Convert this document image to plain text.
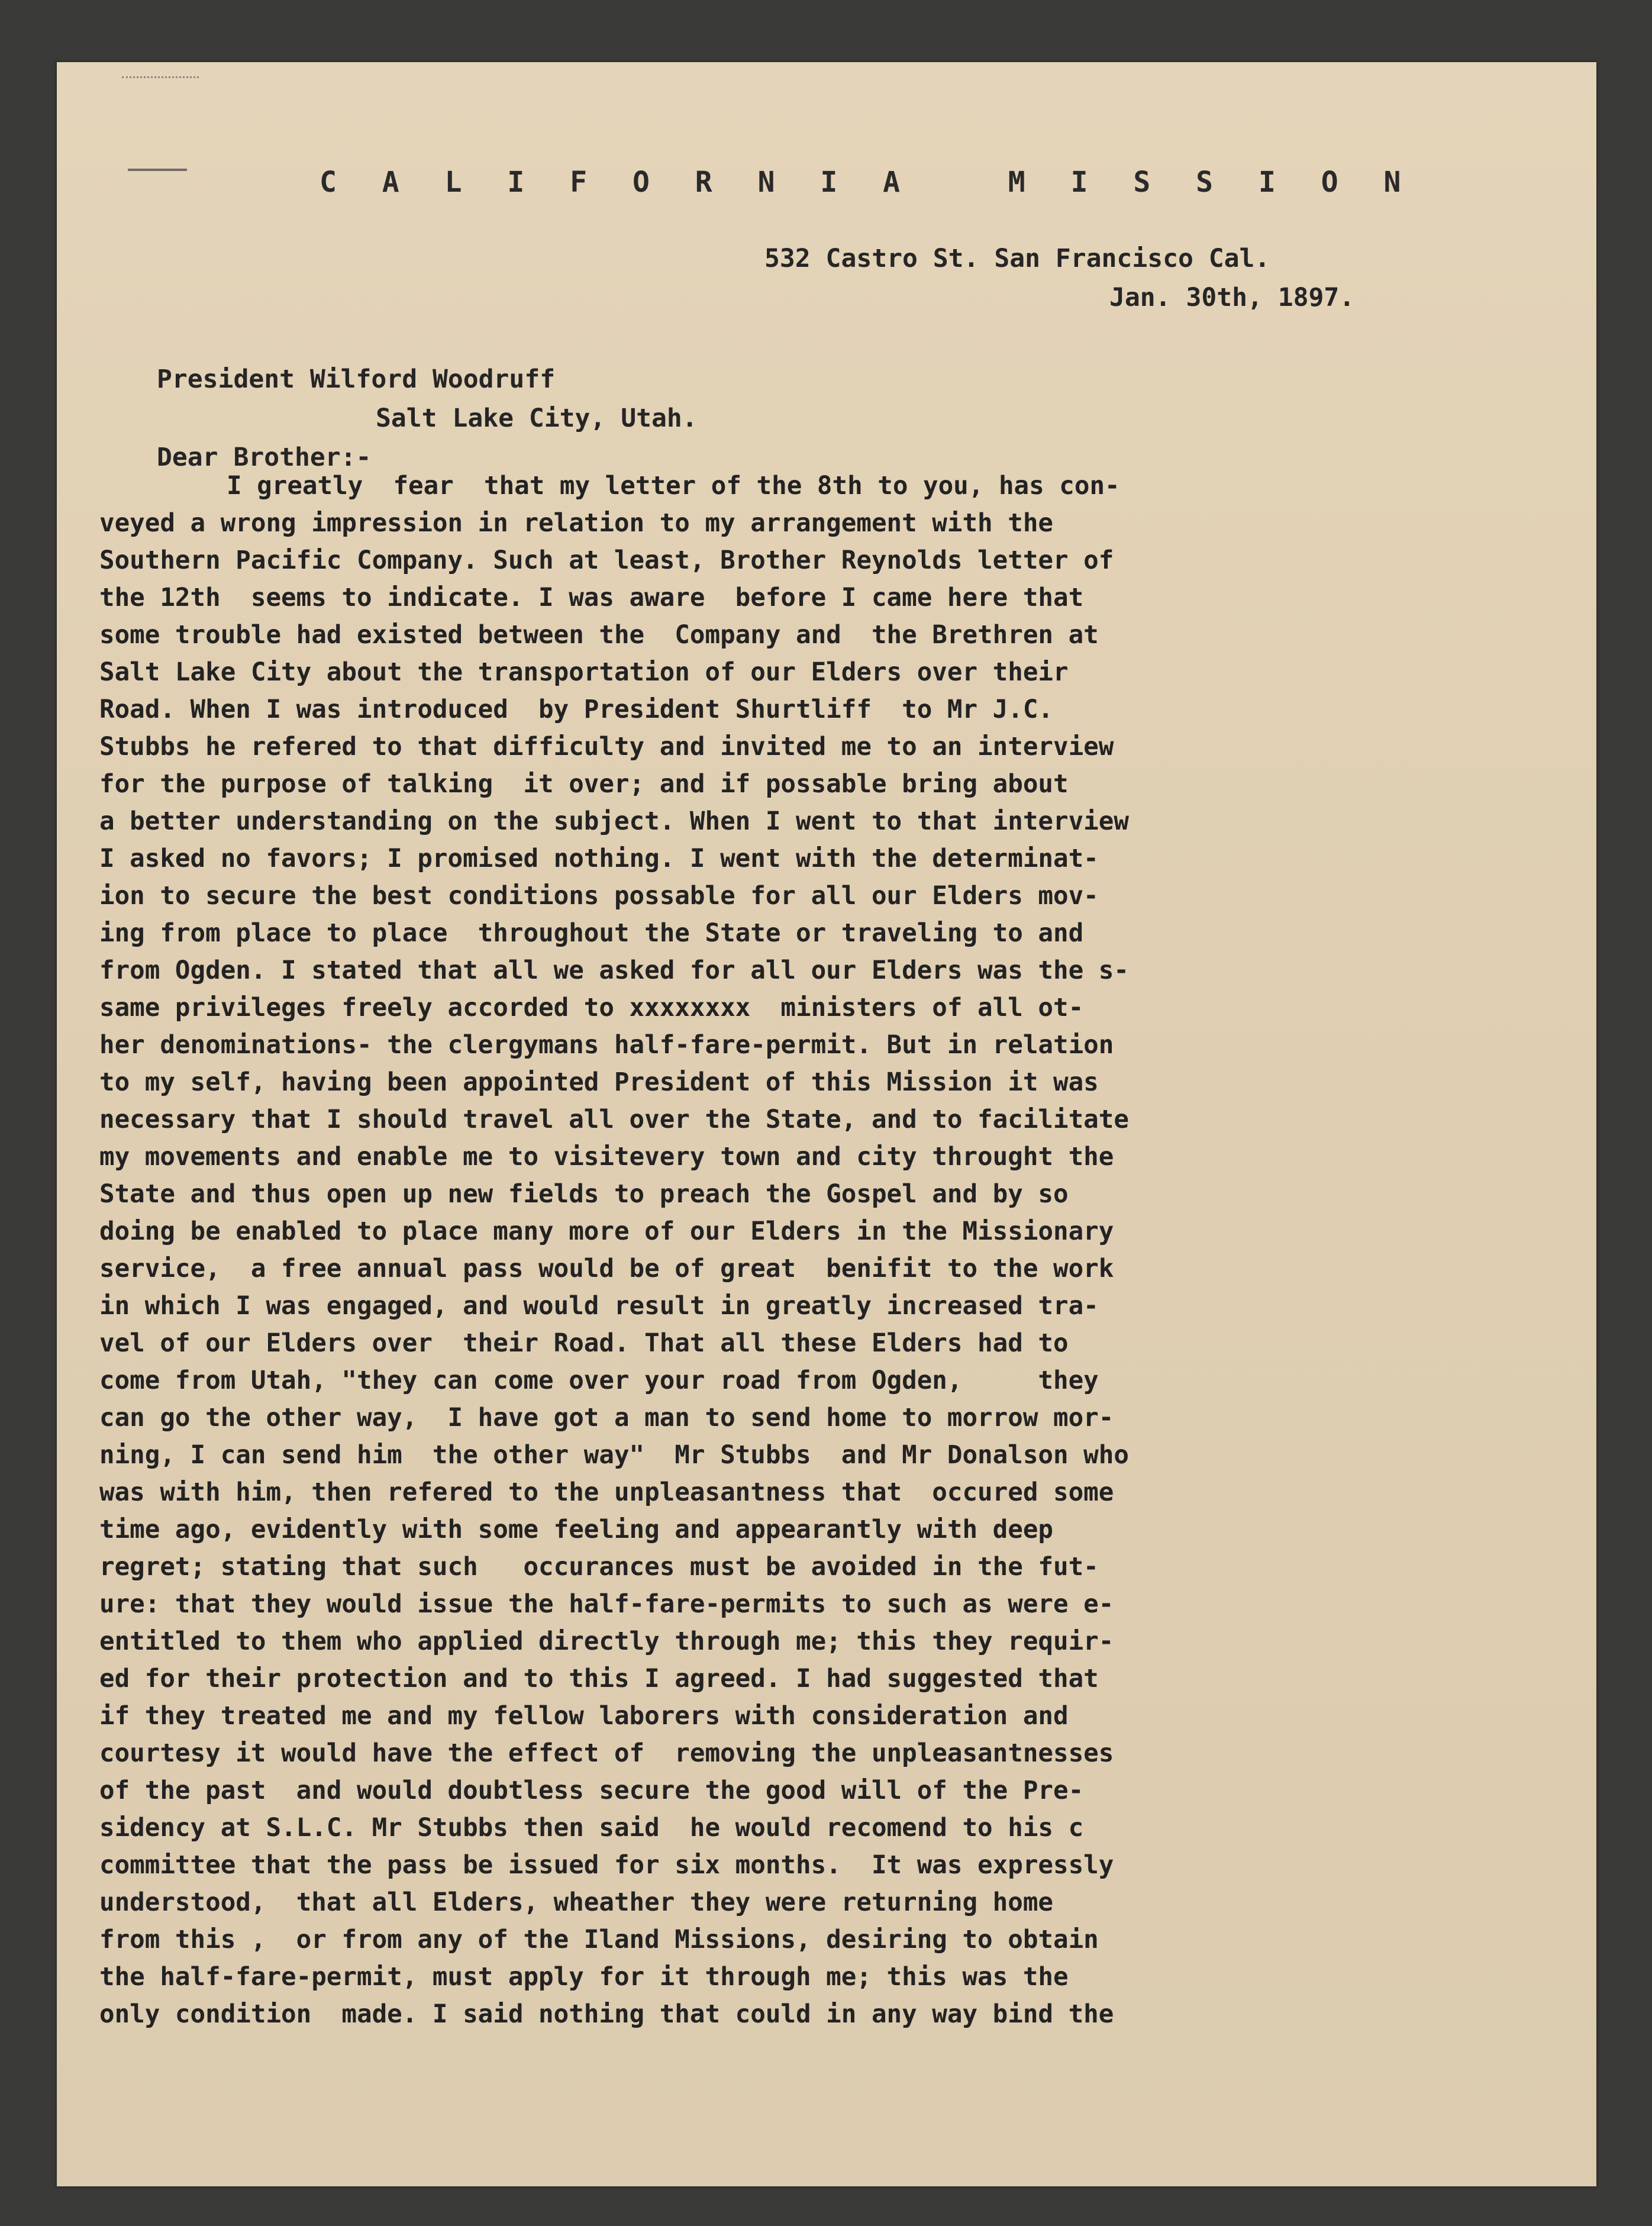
C A L I F O R N I A   M I S S I O N
532 Castro St. San Francisco Cal.
Jan. 30th, 1897.
President Wilford Woodruff
Salt Lake City, Utah.
Dear Brother:-
I greatly  fear  that my letter of the 8th to you, has con-
veyed a wrong impression in relation to my arrangement with the
Southern Pacific Company. Such at least, Brother Reynolds letter of
the 12th  seems to indicate. I was aware  before I came here that
some trouble had existed between the  Company and  the Brethren at
Salt Lake City about the transportation of our Elders over their
Road. When I was introduced  by President Shurtliff  to Mr J.C.
Stubbs he refered to that difficulty and invited me to an interview
for the purpose of talking  it over; and if possable bring about
a better understanding on the subject. When I went to that interview
I asked no favors; I promised nothing. I went with the determinat-
ion to secure the best conditions possable for all our Elders mov-
ing from place to place  throughout the State or traveling to and
from Ogden. I stated that all we asked for all our Elders was the s-
same privileges freely accorded to xxxxxxxx  ministers of all ot-
her denominations- the clergymans half-fare-permit. But in relation
to my self, having been appointed President of this Mission it was
necessary that I should travel all over the State, and to facilitate
my movements and enable me to visitevery town and city throught the
State and thus open up new fields to preach the Gospel and by so
doing be enabled to place many more of our Elders in the Missionary
service,  a free annual pass would be of great  benifit to the work
in which I was engaged, and would result in greatly increased tra-
vel of our Elders over  their Road. That all these Elders had to
come from Utah, "they can come over your road from Ogden,     they
can go the other way,  I have got a man to send home to morrow mor-
ning, I can send him  the other way"  Mr Stubbs  and Mr Donalson who
was with him, then refered to the unpleasantness that  occured some
time ago, evidently with some feeling and appearantly with deep
regret; stating that such   occurances must be avoided in the fut-
ure: that they would issue the half-fare-permits to such as were e-
entitled to them who applied directly through me; this they requir-
ed for their protection and to this I agreed. I had suggested that
if they treated me and my fellow laborers with consideration and
courtesy it would have the effect of  removing the unpleasantnesses
of the past  and would doubtless secure the good will of the Pre-
sidency at S.L.C. Mr Stubbs then said  he would recomend to his c
committee that the pass be issued for six months.  It was expressly
understood,  that all Elders, wheather they were returning home
from this ,  or from any of the Iland Missions, desiring to obtain
the half-fare-permit, must apply for it through me; this was the
only condition  made. I said nothing that could in any way bind the
